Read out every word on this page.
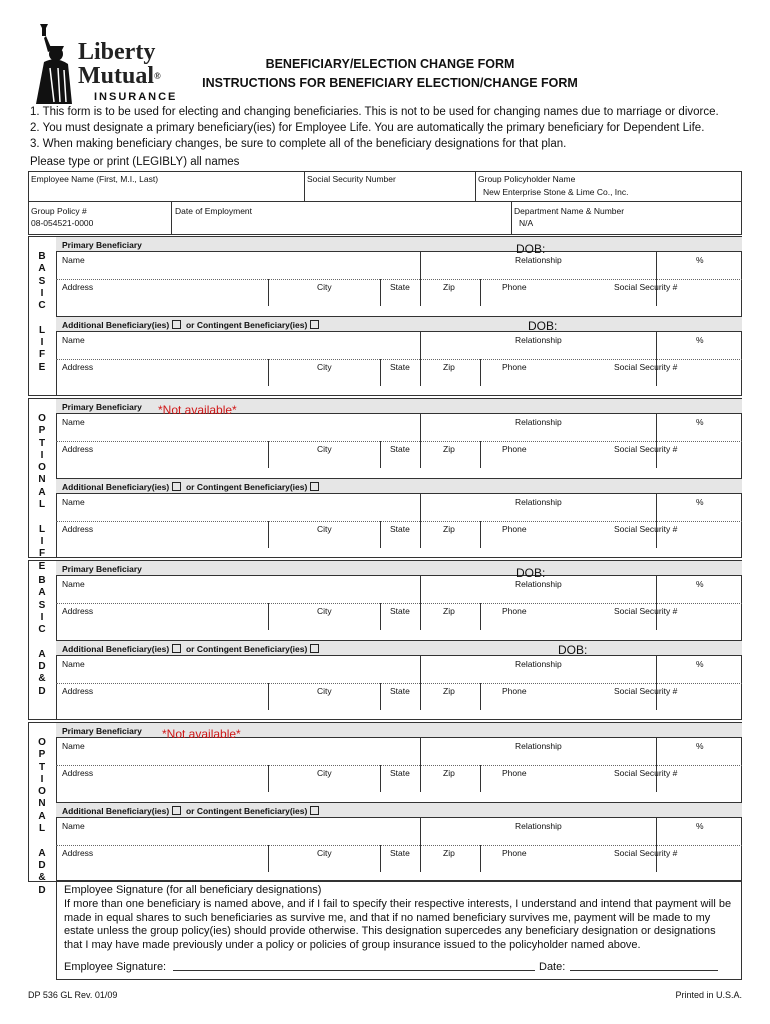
Liberty
Mutual®
INSURANCE
BENEFICIARY/ELECTION CHANGE FORM
INSTRUCTIONS FOR BENEFICIARY ELECTION/CHANGE FORM
1. This form is to be used for electing and changing beneficiaries. This is not to be used for changing names due to marriage or divorce.
2. You must designate a primary beneficiary(ies) for Employee Life. You are automatically the primary beneficiary for Dependent Life.
3. When making beneficiary changes, be sure to complete all of the beneficiary designations for that plan.
Please type or print (LEGIBLY) all names
Employee Name (First, M.I., Last)	Social Security Number	Group Policyholder Name
New Enterprise Stone & Lime Co., Inc.
Group Policy #
08-054521-0000
Date of Employment	Department Name & Number
N/A
B
A
S
I
C

L
I
F
E
Primary Beneficiary	DOB:
Name	Relationship	%
Address	City	State	Zip	Phone	Social Security #
Additional Beneficiary(ies) or Contingent Beneficiary(ies)	DOB:
Name	Relationship	%
Address	City	State	Zip	Phone	Social Security #
O
P
T
I
O
N
A
L

L
I
F
E
Primary Beneficiary *Not available*
Name	Relationship	%
Address	City	State	Zip	Phone	Social Security #
Additional Beneficiary(ies) or Contingent Beneficiary(ies)
Name	Relationship	%
Address	City	State	Zip	Phone	Social Security #
B
A
S
I
C

A
D
&
D
Primary Beneficiary	DOB:
Name	Relationship	%
Address	City	State	Zip	Phone	Social Security #
Additional Beneficiary(ies) or Contingent Beneficiary(ies)	DOB:
Name	Relationship	%
Address	City	State	Zip	Phone	Social Security #
O
P
T
I
O
N
A
L

A
D
&
D
Primary Beneficiary *Not available*
Name	Relationship	%
Address	City	State	Zip	Phone	Social Security #
Additional Beneficiary(ies) or Contingent Beneficiary(ies)
Name	Relationship	%
Address	City	State	Zip	Phone	Social Security #
Employee Signature (for all beneficiary designations)
If more than one beneficiary is named above, and if I fail to specify their respective interests, I understand and intend that payment will be made in equal shares to such beneficiaries as survive me, and that if no named beneficiary survives me, payment will be made to my estate unless the group policy(ies) should provide otherwise. This designation supercedes any beneficiary designation or designations that I may have made previously under a policy or policies of group insurance issued to the policyholder named above.
Employee Signature:	Date:
DP 536 GL Rev. 01/09	Printed in U.S.A.
